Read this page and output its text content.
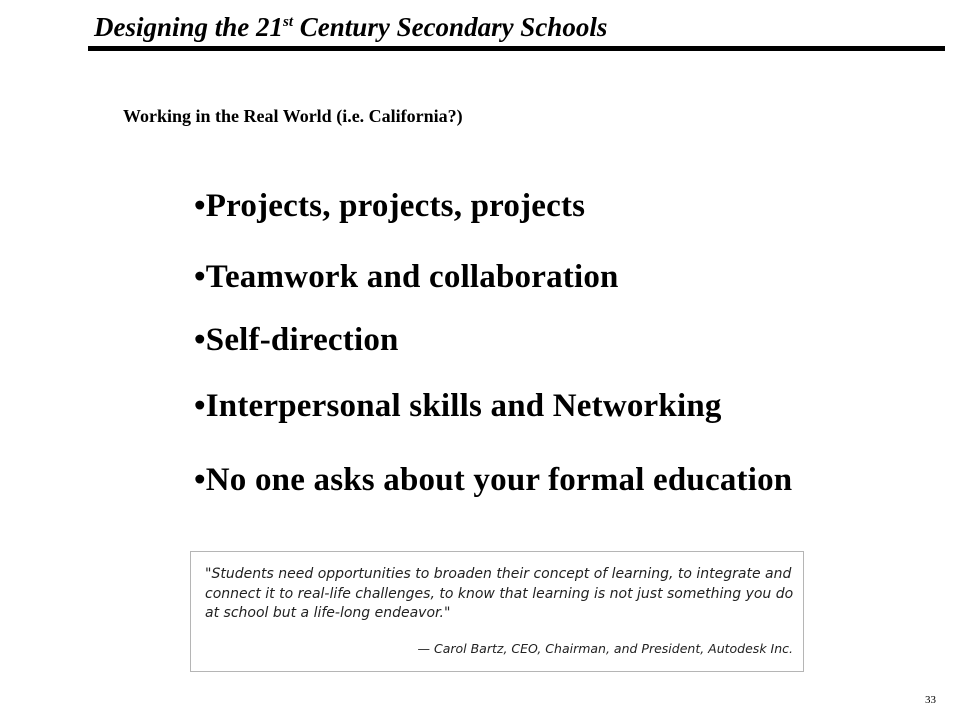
Designing the 21st Century Secondary Schools

Working in the Real World (i.e. California?)

•Projects, projects, projects
•Teamwork and collaboration
•Self-direction
•Interpersonal skills and Networking
•No one asks about your formal education

"Students need opportunities to broaden their concept of learning, to integrate and connect it to real-life challenges, to know that learning is not just something you do at school but a life-long endeavor."

— Carol Bartz, CEO, Chairman, and President, Autodesk Inc.

33
